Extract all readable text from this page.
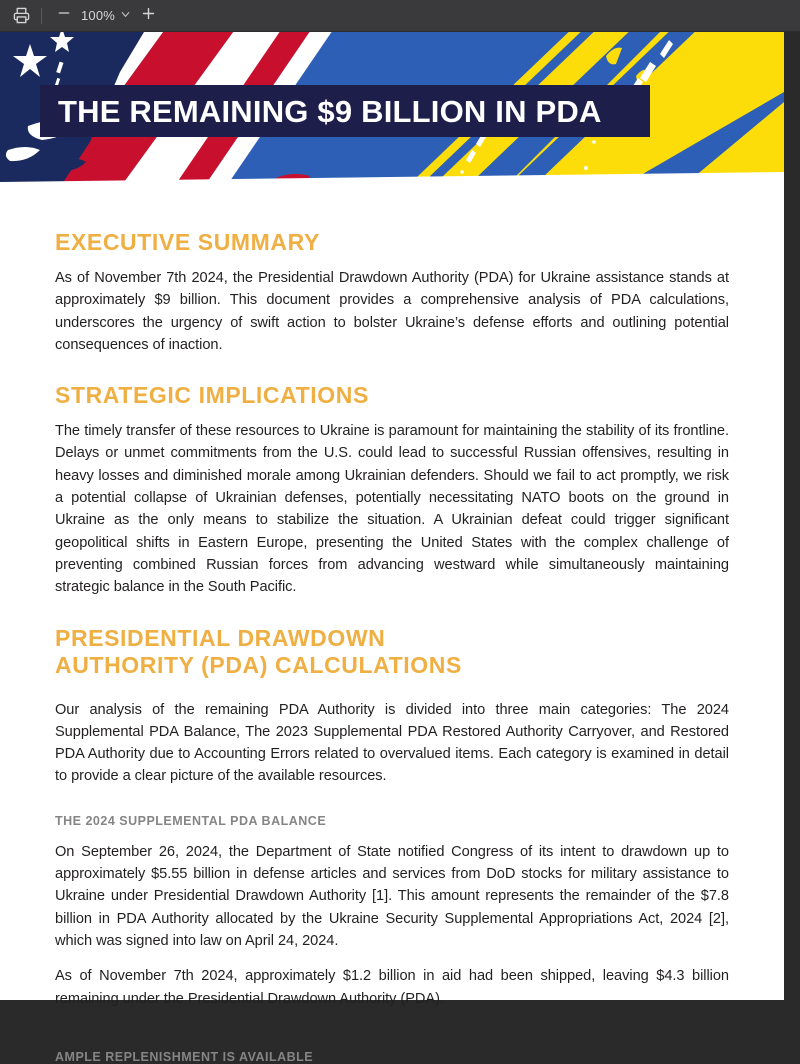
100%
THE REMAINING $9 BILLION IN PDA
EXECUTIVE SUMMARY

As of November 7th 2024, the Presidential Drawdown Authority (PDA) for Ukraine assistance stands at approximately $9 billion. This document provides a comprehensive analysis of PDA calculations, underscores the urgency of swift action to bolster Ukraine’s defense efforts and outlining potential consequences of inaction.

STRATEGIC IMPLICATIONS

The timely transfer of these resources to Ukraine is paramount for maintaining the stability of its frontline. Delays or unmet commitments from the U.S. could lead to successful Russian offensives, resulting in heavy losses and diminished morale among Ukrainian defenders. Should we fail to act promptly, we risk a potential collapse of Ukrainian defenses, potentially necessitating NATO boots on the ground in Ukraine as the only means to stabilize the situation. A Ukrainian defeat could trigger significant geopolitical shifts in Eastern Europe, presenting the United States with the complex challenge of preventing combined Russian forces from advancing westward while simultaneously maintaining strategic balance in the South Pacific.

PRESIDENTIAL DRAWDOWN
AUTHORITY (PDA) CALCULATIONS

Our analysis of the remaining PDA Authority is divided into three main categories: The 2024 Supplemental PDA Balance, The 2023 Supplemental PDA Restored Authority Carryover, and Restored PDA Authority due to Accounting Errors related to overvalued items. Each category is examined in detail to provide a clear picture of the available resources.

THE 2024 SUPPLEMENTAL PDA BALANCE

On September 26, 2024, the Department of State notified Congress of its intent to drawdown up to approximately $5.55 billion in defense articles and services from DoD stocks for military assistance to Ukraine under Presidential Drawdown Authority [1]. This amount represents the remainder of the $7.8 billion in PDA Authority allocated by the Ukraine Security Supplemental Appropriations Act, 2024 [2], which was signed into law on April 24, 2024.

As of November 7th 2024, approximately $1.2 billion in aid had been shipped, leaving $4.3 billion remaining under the Presidential Drawdown Authority (PDA).

AMPLE REPLENISHMENT IS AVAILABLE
